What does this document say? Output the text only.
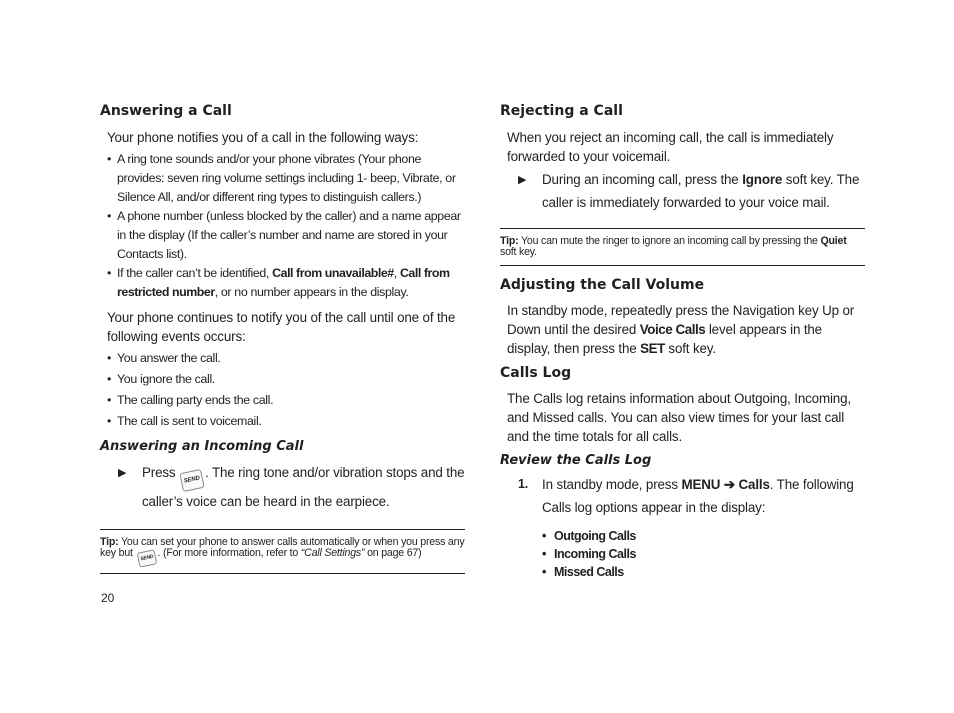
Answering a Call

Your phone notifies you of a call in the following ways:

• A ring tone sounds and/or your phone vibrates (Your phone provides: seven ring volume settings including 1- beep, Vibrate, or Silence All, and/or different ring types to distinguish callers.)
• A phone number (unless blocked by the caller) and a name appear in the display (If the caller’s number and name are stored in your Contacts list).
• If the caller can’t be identified, Call from unavailable#, Call from restricted number, or no number appears in the display.

Your phone continues to notify you of the call until one of the following events occurs:

• You answer the call.
• You ignore the call.
• The calling party ends the call.
• The call is sent to voicemail.
Answering an Incoming Call
▶ Press SEND. The ring tone and/or vibration stops and the caller’s voice can be heard in the earpiece.
Tip: You can set your phone to answer calls automatically or when you press any key but SEND . (For more information, refer to “Call Settings” on page 67)
20
Rejecting a Call

When you reject an incoming call, the call is immediately forwarded to your voicemail.

▶ During an incoming call, press the Ignore soft key. The caller is immediately forwarded to your voice mail.
Tip: You can mute the ringer to ignore an incoming call by pressing the Quiet soft key.
Adjusting the Call Volume

In standby mode, repeatedly press the Navigation key Up or Down until the desired Voice Calls level appears in the display, then press the SET soft key.

Calls Log

The Calls log retains information about Outgoing, Incoming, and Missed calls. You can also view times for your last call and the time totals for all calls.

Review the Calls Log
1. In standby mode, press MENU ➔ Calls. The following Calls log options appear in the display:
• Outgoing Calls
• Incoming Calls
• Missed Calls
